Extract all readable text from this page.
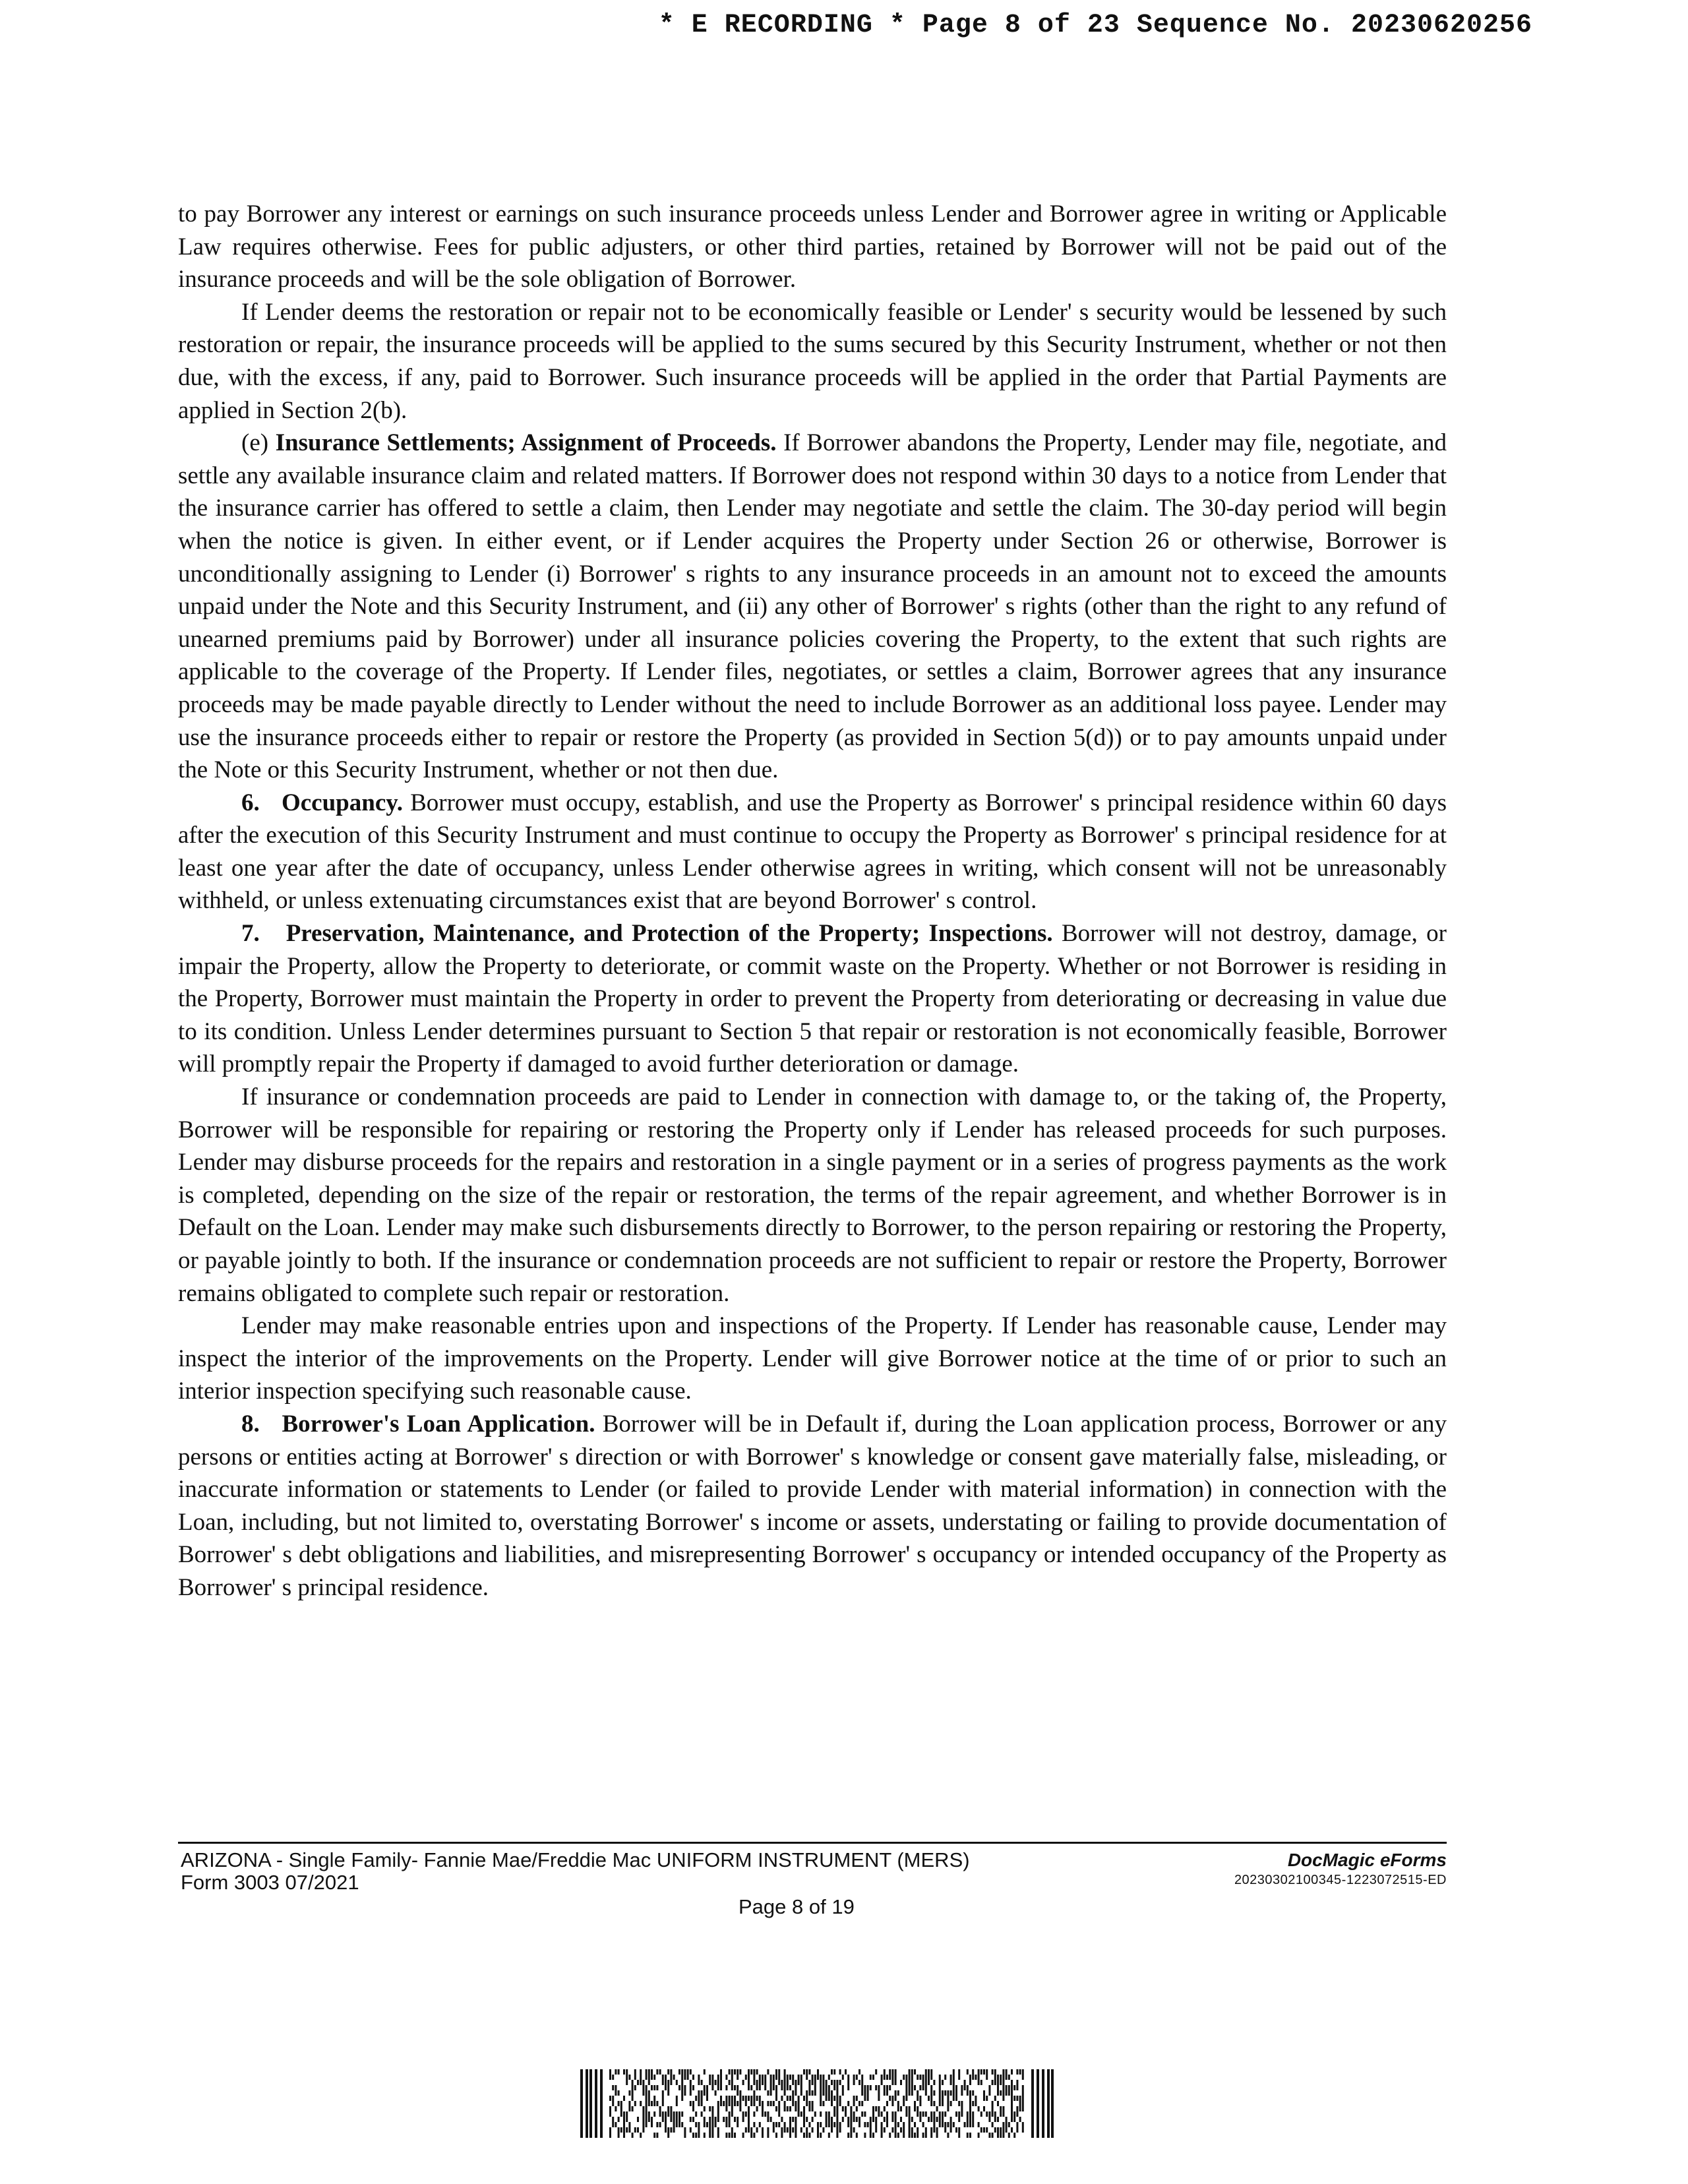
* E RECORDING * Page 8 of 23 Sequence No. 20230620256

to pay Borrower any interest or earnings on such insurance proceeds unless Lender and Borrower agree in writing or Applicable Law requires otherwise. Fees for public adjusters, or other third parties, retained by Borrower will not be paid out of the insurance proceeds and will be the sole obligation of Borrower.

If Lender deems the restoration or repair not to be economically feasible or Lender' s security would be lessened by such restoration or repair, the insurance proceeds will be applied to the sums secured by this Security Instrument, whether or not then due, with the excess, if any, paid to Borrower. Such insurance proceeds will be applied in the order that Partial Payments are applied in Section 2(b).

(e) Insurance Settlements; Assignment of Proceeds. If Borrower abandons the Property, Lender may file, negotiate, and settle any available insurance claim and related matters. If Borrower does not respond within 30 days to a notice from Lender that the insurance carrier has offered to settle a claim, then Lender may negotiate and settle the claim. The 30-day period will begin when the notice is given. In either event, or if Lender acquires the Property under Section 26 or otherwise, Borrower is unconditionally assigning to Lender (i) Borrower' s rights to any insurance proceeds in an amount not to exceed the amounts unpaid under the Note and this Security Instrument, and (ii) any other of Borrower' s rights (other than the right to any refund of unearned premiums paid by Borrower) under all insurance policies covering the Property, to the extent that such rights are applicable to the coverage of the Property. If Lender files, negotiates, or settles a claim, Borrower agrees that any insurance proceeds may be made payable directly to Lender without the need to include Borrower as an additional loss payee. Lender may use the insurance proceeds either to repair or restore the Property (as provided in Section 5(d)) or to pay amounts unpaid under the Note or this Security Instrument, whether or not then due.

6. Occupancy. Borrower must occupy, establish, and use the Property as Borrower' s principal residence within 60 days after the execution of this Security Instrument and must continue to occupy the Property as Borrower' s principal residence for at least one year after the date of occupancy, unless Lender otherwise agrees in writing, which consent will not be unreasonably withheld, or unless extenuating circumstances exist that are beyond Borrower' s control.

7. Preservation, Maintenance, and Protection of the Property; Inspections. Borrower will not destroy, damage, or impair the Property, allow the Property to deteriorate, or commit waste on the Property. Whether or not Borrower is residing in the Property, Borrower must maintain the Property in order to prevent the Property from deteriorating or decreasing in value due to its condition. Unless Lender determines pursuant to Section 5 that repair or restoration is not economically feasible, Borrower will promptly repair the Property if damaged to avoid further deterioration or damage.

If insurance or condemnation proceeds are paid to Lender in connection with damage to, or the taking of, the Property, Borrower will be responsible for repairing or restoring the Property only if Lender has released proceeds for such purposes. Lender may disburse proceeds for the repairs and restoration in a single payment or in a series of progress payments as the work is completed, depending on the size of the repair or restoration, the terms of the repair agreement, and whether Borrower is in Default on the Loan. Lender may make such disbursements directly to Borrower, to the person repairing or restoring the Property, or payable jointly to both. If the insurance or condemnation proceeds are not sufficient to repair or restore the Property, Borrower remains obligated to complete such repair or restoration.

Lender may make reasonable entries upon and inspections of the Property. If Lender has reasonable cause, Lender may inspect the interior of the improvements on the Property. Lender will give Borrower notice at the time of or prior to such an interior inspection specifying such reasonable cause.

8. Borrower's Loan Application. Borrower will be in Default if, during the Loan application process, Borrower or any persons or entities acting at Borrower' s direction or with Borrower' s knowledge or consent gave materially false, misleading, or inaccurate information or statements to Lender (or failed to provide Lender with material information) in connection with the Loan, including, but not limited to, overstating Borrower' s income or assets, understating or failing to provide documentation of Borrower' s debt obligations and liabilities, and misrepresenting Borrower' s occupancy or intended occupancy of the Property as Borrower' s principal residence.

ARIZONA - Single Family- Fannie Mae/Freddie Mac UNIFORM INSTRUMENT (MERS)
Form 3003 07/2021
DocMagic eForms
20230302100345-1223072515-ED
Page 8 of 19
